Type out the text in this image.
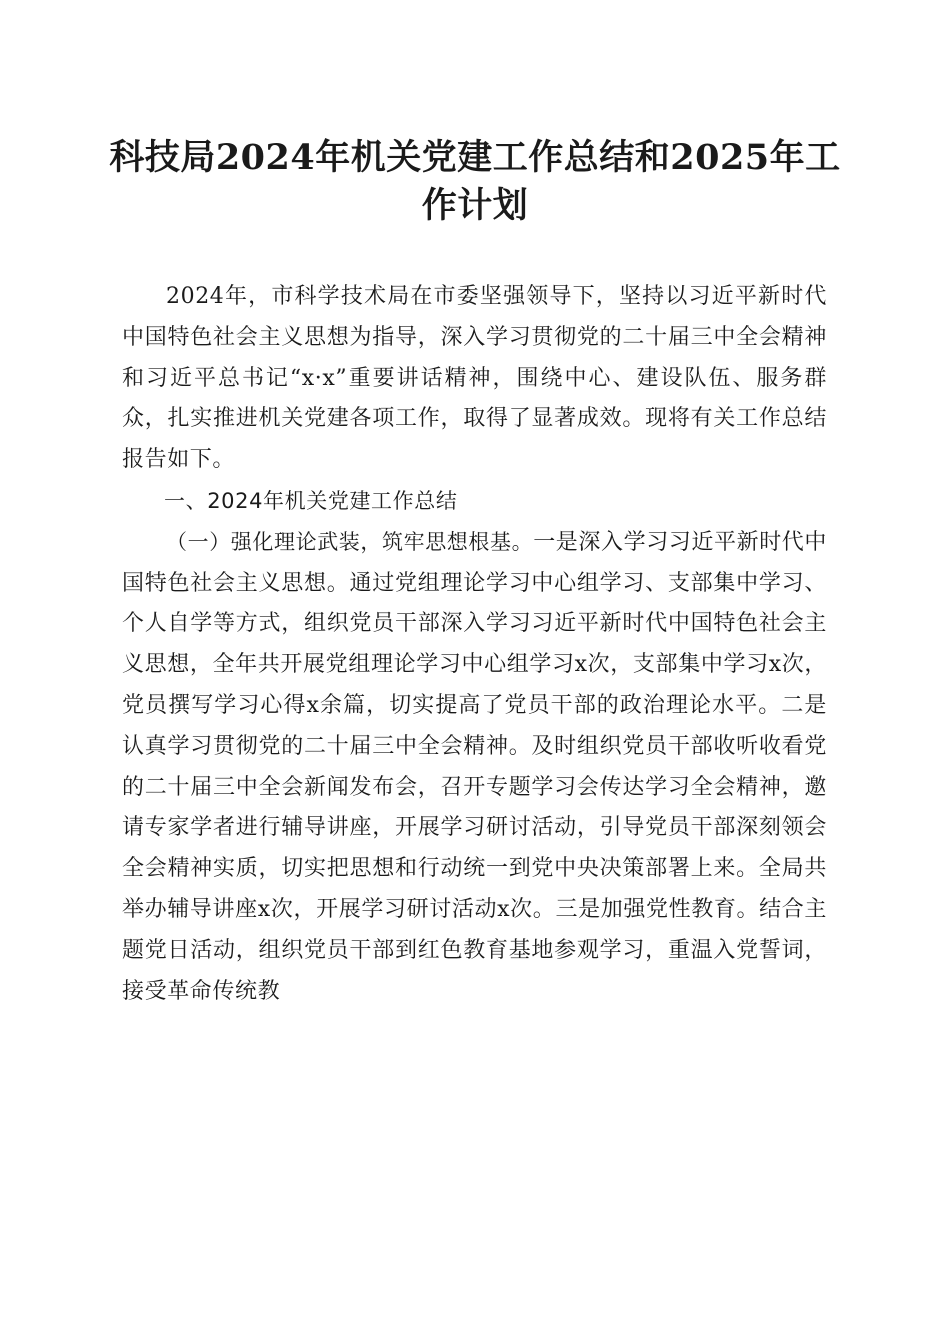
科技局2024年机关党建工作总结和2025年工作计划

2024年，市科学技术局在市委坚强领导下，坚持以习近平新时代中国特色社会主义思想为指导，深入学习贯彻党的二十届三中全会精神和习近平总书记“x·x”重要讲话精神，围绕中心、建设队伍、服务群众，扎实推进机关党建各项工作，取得了显著成效。现将有关工作总结报告如下。

一、2024年机关党建工作总结

（一）强化理论武装，筑牢思想根基。一是深入学习习近平新时代中国特色社会主义思想。通过党组理论学习中心组学习、支部集中学习、个人自学等方式，组织党员干部深入学习习近平新时代中国特色社会主义思想，全年共开展党组理论学习中心组学习x次，支部集中学习x次，党员撰写学习心得x余篇，切实提高了党员干部的政治理论水平。二是认真学习贯彻党的二十届三中全会精神。及时组织党员干部收听收看党的二十届三中全会新闻发布会，召开专题学习会传达学习全会精神，邀请专家学者进行辅导讲座，开展学习研讨活动，引导党员干部深刻领会全会精神实质，切实把思想和行动统一到党中央决策部署上来。全局共举办辅导讲座x次，开展学习研讨活动x次。三是加强党性教育。结合主题党日活动，组织党员干部到红色教育基地参观学习，重温入党誓词，接受革命传统教
